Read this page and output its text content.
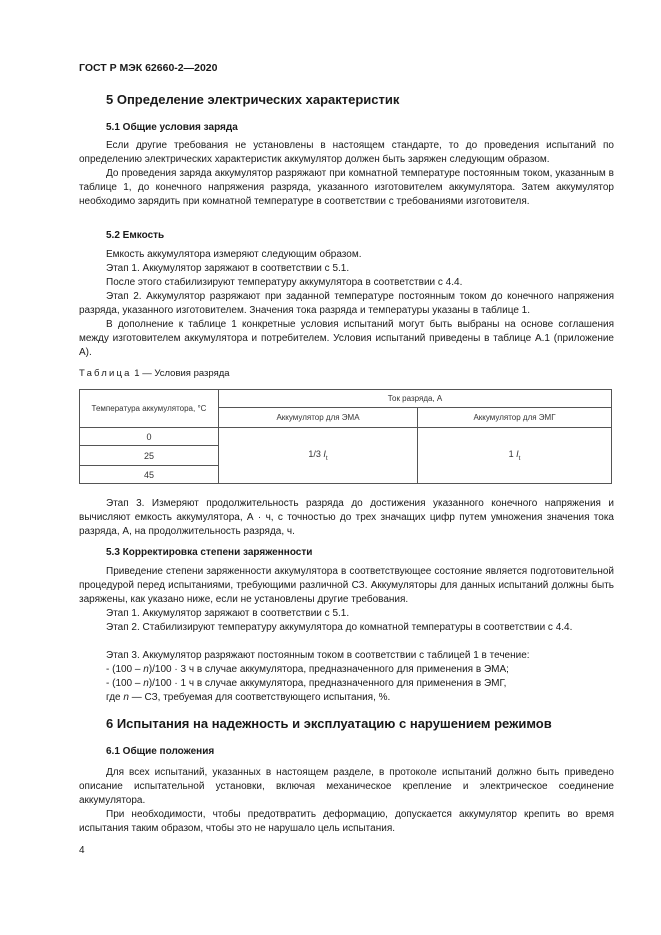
ГОСТ Р МЭК 62660-2—2020
5 Определение электрических характеристик
5.1 Общие условия заряда

Если другие требования не установлены в настоящем стандарте, то до проведения испытаний по определению электрических характеристик аккумулятор должен быть заряжен следующим образом.

До проведения заряда аккумулятор разряжают при комнатной температуре постоянным током, указанным в таблице 1, до конечного напряжения разряда, указанного изготовителем аккумулятора. Затем аккумулятор необходимо зарядить при комнатной температуре в соответствии с требованиями изготовителя.

5.2 Емкость

Емкость аккумулятора измеряют следующим образом.

Этап 1. Аккумулятор заряжают в соответствии с 5.1.

После этого стабилизируют температуру аккумулятора в соответствии с 4.4.

Этап 2. Аккумулятор разряжают при заданной температуре постоянным током до конечного напряжения разряда, указанного изготовителем. Значения тока разряда и температуры указаны в таблице 1.

В дополнение к таблице 1 конкретные условия испытаний могут быть выбраны на основе соглашения между изготовителем аккумулятора и потребителем. Условия испытаний приведены в таблице А.1 (приложение А).

Таблица 1 — Условия разряда
Температура аккумулятора, °С	Ток разряда, А	
	Аккумулятор для ЭМА	Аккумулятор для ЭМГ
0	1/3 $I_t$	1 $I_t$
25		
45		

Этап 3. Измеряют продолжительность разряда до достижения указанного конечного напряжения и вычисляют емкость аккумулятора, А · ч, с точностью до трех значащих цифр путем умножения значения тока разряда, А, на продолжительность разряда, ч.

5.3 Корректировка степени заряженности

Приведение степени заряженности аккумулятора в соответствующее состояние является подготовительной процедурой перед испытаниями, требующими различной СЗ. Аккумуляторы для данных испытаний должны быть заряжены, как указано ниже, если не установлены другие требования.

Этап 1. Аккумулятор заряжают в соответствии с 5.1.

Этап 2. Стабилизируют температуру аккумулятора до комнатной температуры в соответствии с 4.4.

Этап 3. Аккумулятор разряжают постоянным током в соответствии с таблицей 1 в течение:

- (100 – n)/100 · 3 ч в случае аккумулятора, предназначенного для применения в ЭМА;

- (100 – n)/100 · 1 ч в случае аккумулятора, предназначенного для применения в ЭМГ,

где n — СЗ, требуемая для соответствующего испытания, %.

6 Испытания на надежность и эксплуатацию с нарушением режимов
6.1 Общие положения

Для всех испытаний, указанных в настоящем разделе, в протоколе испытаний должно быть приведено описание испытательной установки, включая механическое крепление и электрическое соединение аккумулятора.

При необходимости, чтобы предотвратить деформацию, допускается аккумулятор крепить во время испытания таким образом, чтобы это не нарушало цель испытания.

4
